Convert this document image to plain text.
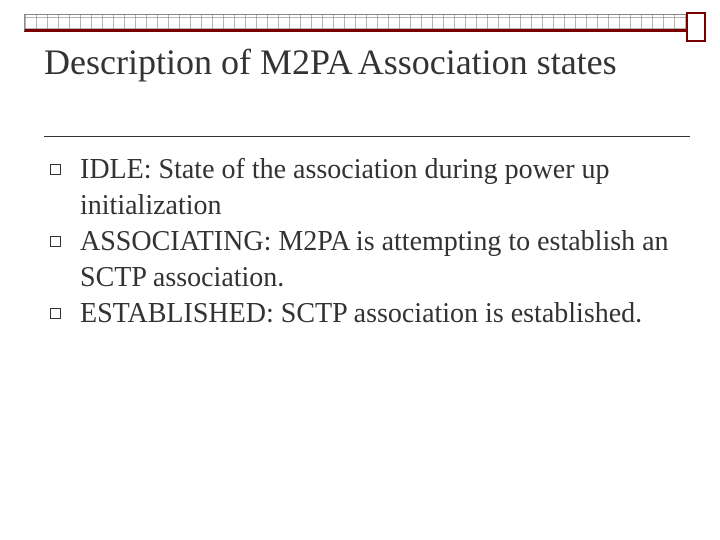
Description of M2PA Association states
IDLE: State of the association during power up initialization
ASSOCIATING: M2PA is attempting to establish an SCTP association.
ESTABLISHED: SCTP association is established.
